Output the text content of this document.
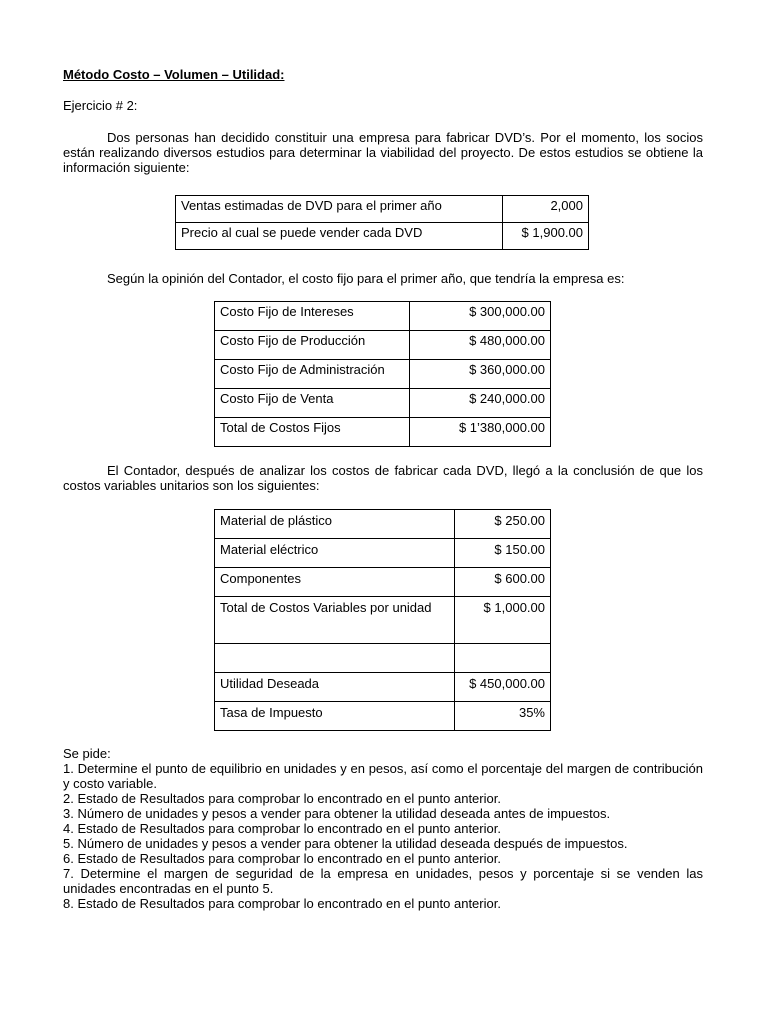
Método Costo – Volumen – Utilidad:
Ejercicio # 2:
Dos personas han decidido constituir una empresa para fabricar DVD’s. Por el momento, los socios están realizando diversos estudios para determinar la viabilidad del proyecto. De estos estudios se obtiene la información siguiente:
Ventas estimadas de DVD para el primer año	2,000
Precio al cual se puede vender cada DVD	$ 1,900.00
Según la opinión del Contador, el costo fijo para el primer año, que tendría la empresa es:
Costo Fijo de Intereses	$ 300,000.00
Costo Fijo de Producción	$ 480,000.00
Costo Fijo de Administración	$ 360,000.00
Costo Fijo de Venta	$ 240,000.00
Total de Costos Fijos	$ 1’380,000.00
El Contador, después de analizar los costos de fabricar cada DVD, llegó a la conclusión de que los costos variables unitarios son los siguientes:
Material de plástico	$ 250.00
Material eléctrico	$ 150.00
Componentes	$ 600.00
Total de Costos Variables por unidad	$ 1,000.00

Utilidad Deseada	$ 450,000.00
Tasa de Impuesto	35%
Se pide:
1. Determine el punto de equilibrio en unidades y en pesos, así como el porcentaje del margen de contribución y costo variable.
2. Estado de Resultados para comprobar lo encontrado en el punto anterior.
3. Número de unidades y pesos a vender para obtener la utilidad deseada antes de impuestos.
4. Estado de Resultados para comprobar lo encontrado en el punto anterior.
5. Número de unidades y pesos a vender para obtener la utilidad deseada después de impuestos.
6. Estado de Resultados para comprobar lo encontrado en el punto anterior.
7. Determine el margen de seguridad de la empresa en unidades, pesos y porcentaje si se venden las unidades encontradas en el punto 5.
8. Estado de Resultados para comprobar lo encontrado en el punto anterior.
